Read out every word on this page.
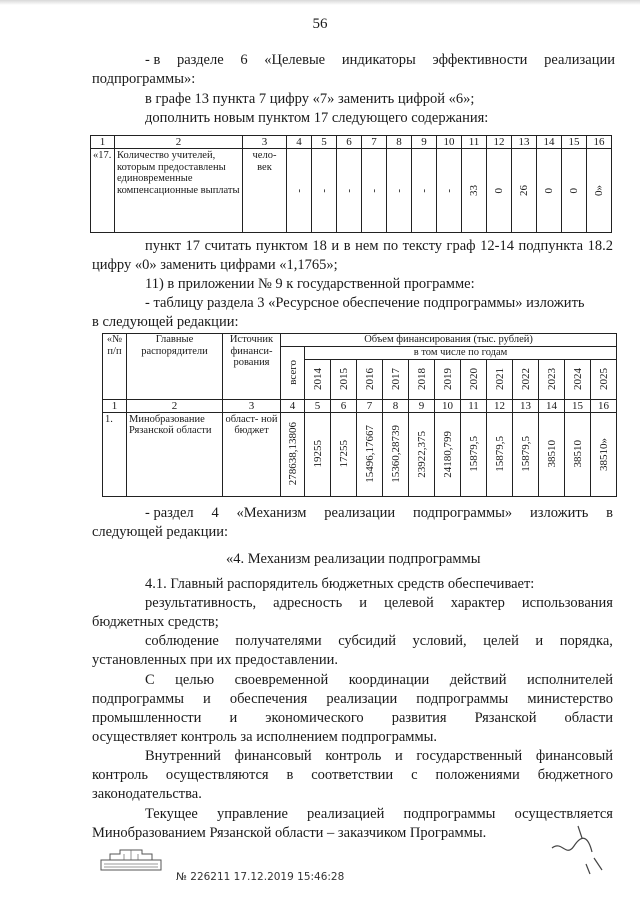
56
- в разделе 6 «Целевые индикаторы эффективности реализации
подпрограммы»:
в графе 13 пункта 7 цифру «7» заменить цифрой «6»;
дополнить новым пунктом 17 следующего содержания:
1	2	3	4	5	6	7	8	9	10	11	12	13	14	15	16
«17.	Количество учителей, которым предоставлены единовременные компенсационные выплаты	чело- век	-	-	-	-	-	-	-	33	0	26	0	0	0»
пункт 17 считать пунктом 18 и в нем по тексту граф 12-14 подпункта 18.2
цифру «0» заменить цифрами «1,1765»;
11) в приложении № 9 к государственной программе:
- таблицу раздела 3 «Ресурсное обеспечение подпрограммы» изложить
в следующей редакции:
«№ п/п	Главные распорядители	Источник финанси- рования	Объем финансирования (тыс. рублей)												

			всего	в том числе по годам											

				2014	2015	2016	2017	2018	2019	2020	2021	2022	2023	2024	2025

1	2	3	4	5	6	7	8	9	10	11	12	13	14	15	16
1.	Минобразование Рязанской области	област- ной бюджет	278638,13806	19255	17255	15496,17667	15360,28739	23922,375	24180,799	15879,5	15879,5	15879,5	38510	38510	38510»
- раздел 4 «Механизм реализации подпрограммы» изложить в
следующей редакции:
«4. Механизм реализации подпрограммы
4.1. Главный распорядитель бюджетных средств обеспечивает:
результативность, адресность и целевой характер использования
бюджетных средств;
соблюдение получателями субсидий условий, целей и порядка,
установленных при их предоставлении.
С целью своевременной координации действий исполнителей
подпрограммы и обеспечения реализации подпрограммы министерство
промышленности и экономического развития Рязанской области
осуществляет контроль за исполнением подпрограммы.
Внутренний финансовый контроль и государственный финансовый
контроль осуществляются в соответствии с положениями бюджетного
законодательства.
Текущее управление реализацией подпрограммы осуществляется
Минобразованием Рязанской области – заказчиком Программы.
№ 226211 17.12.2019 15:46:28
